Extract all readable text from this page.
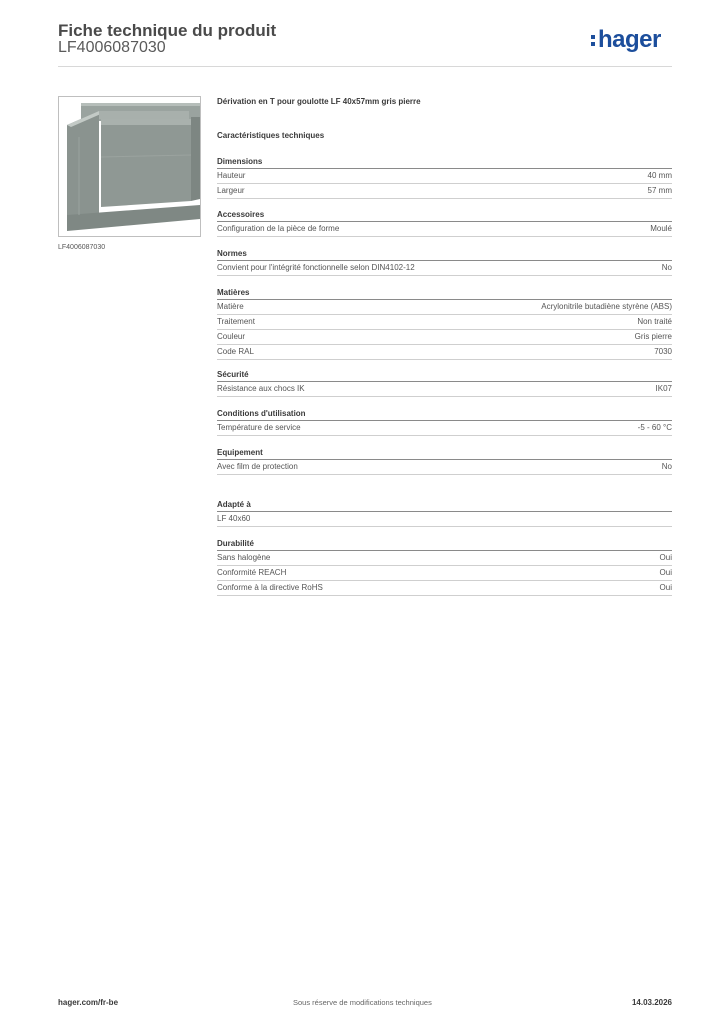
Fiche technique du produit
LF4006087030	hager
LF4006087030
Dérivation en T pour goulotte LF 40x57mm gris pierre
Caractéristiques techniques
Dimensions
Hauteur	40 mm
Largeur	57 mm
Accessoires
Configuration de la pièce de forme	Moulé
Normes
Convient pour l'intégrité fonctionnelle selon DIN4102-12	No
Matières
Matière	Acrylonitrile butadiène styrène (ABS)
Traitement	Non traité
Couleur	Gris pierre
Code RAL	7030
Sécurité
Résistance aux chocs IK	IK07
Conditions d'utilisation
Température de service	-5 - 60 °C
Equipement
Avec film de protection	No
Adapté à
LF 40x60
Durabilité
Sans halogène	Oui
Conformité REACH	Oui
Conforme à la directive RoHS	Oui
hager.com/fr-be	Sous réserve de modifications techniques	14.03.2026
